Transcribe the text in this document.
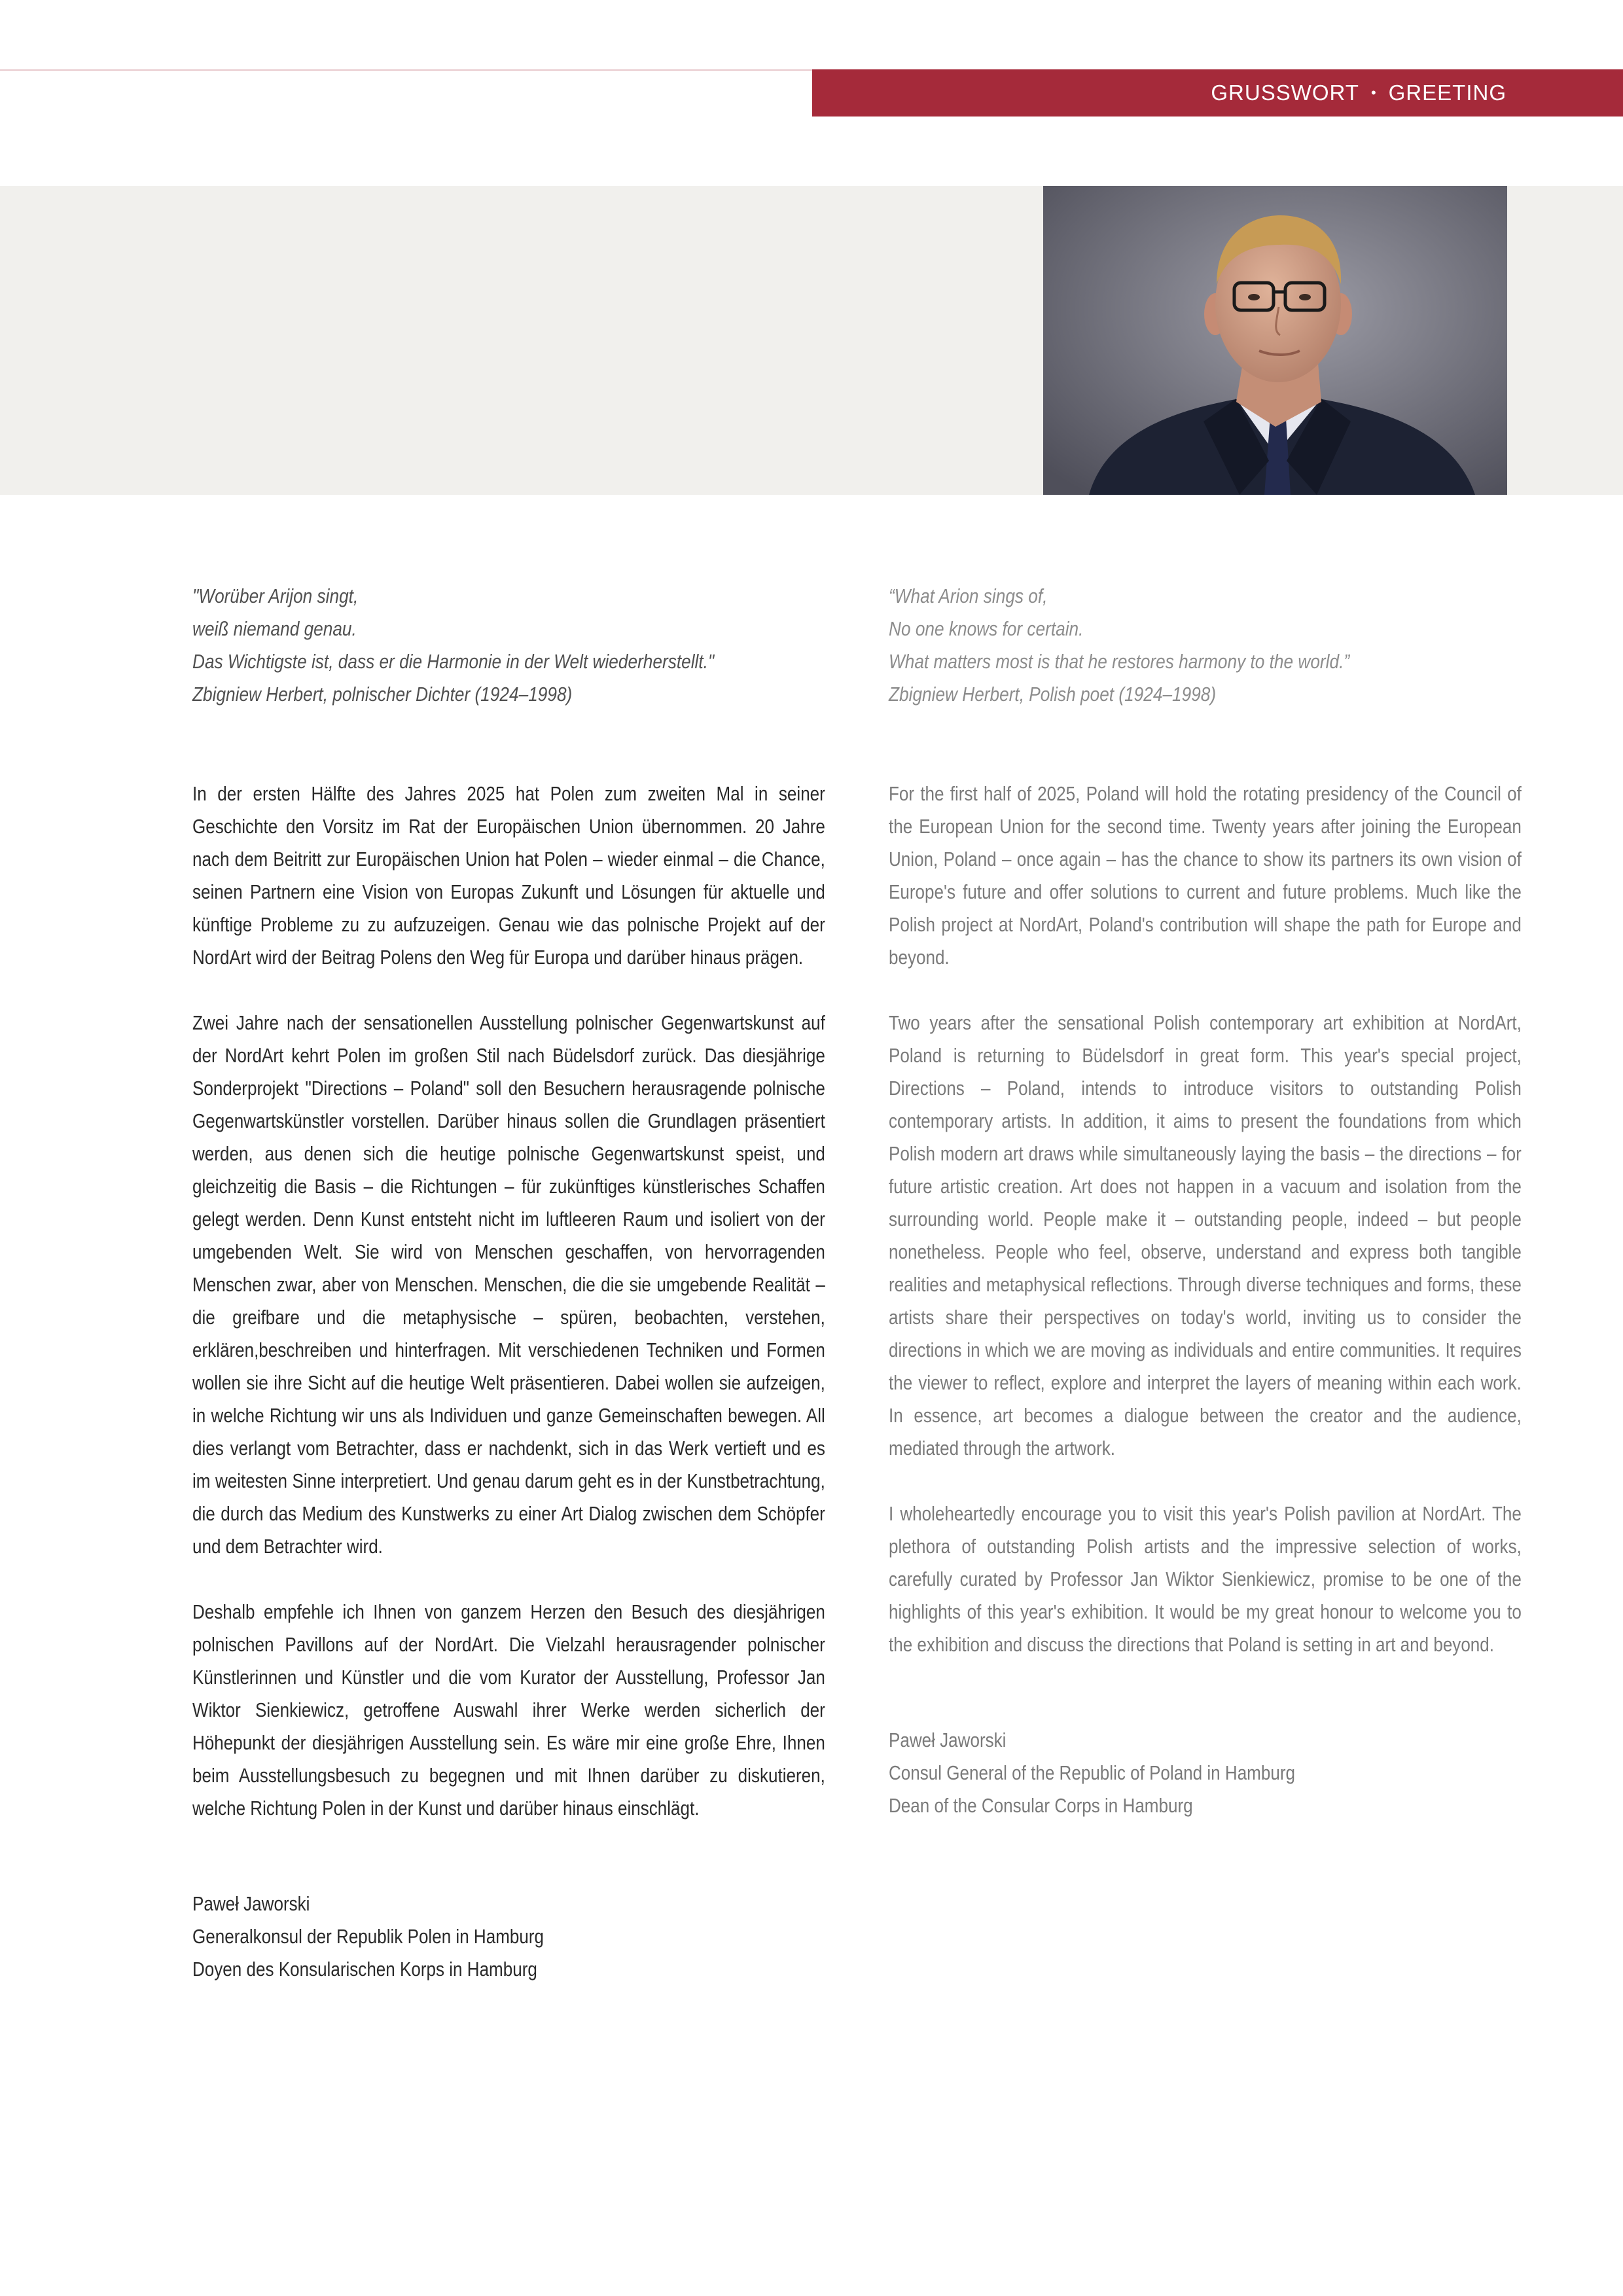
GRUSSWORT • GREETING
"Worüber Arijon singt,
weiß niemand genau.
Das Wichtigste ist, dass er die Harmonie in der Welt wiederherstellt."
Zbigniew Herbert, polnischer Dichter (1924–1998)
“What Arion sings of,
No one knows for certain.
What matters most is that he restores harmony to the world.”
Zbigniew Herbert, Polish poet (1924–1998)

In der ersten Hälfte des Jahres 2025 hat Polen zum zweiten Mal in seiner Geschichte den Vorsitz im Rat der Europäischen Union übernommen. 20 Jahre nach dem Beitritt zur Europäischen Union hat Polen – wieder einmal – die Chance, seinen Partnern eine Vision von Europas Zukunft und Lösungen für aktuelle und künftige Probleme zu zu aufzuzeigen. Genau wie das polnische Projekt auf der NordArt wird der Beitrag Polens den Weg für Europa und darüber hinaus prägen.

Zwei Jahre nach der sensationellen Ausstellung polnischer Gegenwartskunst auf der NordArt kehrt Polen im großen Stil nach Büdelsdorf zurück. Das diesjährige Sonderprojekt "Directions – Poland" soll den Besuchern herausragende polnische Gegenwartskünstler vorstellen. Darüber hinaus sollen die Grundlagen präsentiert werden, aus denen sich die heutige polnische Gegenwartskunst speist, und gleichzeitig die Basis – die Richtungen – für zukünftiges künstlerisches Schaffen gelegt werden. Denn Kunst entsteht nicht im luftleeren Raum und isoliert von der umgebenden Welt. Sie wird von Menschen geschaffen, von hervorragenden Menschen zwar, aber von Menschen. Menschen, die die sie umgebende Realität – die greifbare und die metaphysische – spüren, beobachten, verstehen, erklären,beschreiben und hinterfragen. Mit verschiedenen Techniken und Formen wollen sie ihre Sicht auf die heutige Welt präsentieren. Dabei wollen sie aufzeigen, in welche Richtung wir uns als Individuen und ganze Gemeinschaften bewegen. All dies verlangt vom Betrachter, dass er nachdenkt, sich in das Werk vertieft und es im weitesten Sinne interpretiert. Und genau darum geht es in der Kunstbetrachtung, die durch das Medium des Kunstwerks zu einer Art Dialog zwischen dem Schöpfer und dem Betrachter wird.

Deshalb empfehle ich Ihnen von ganzem Herzen den Besuch des diesjährigen polnischen Pavillons auf der NordArt. Die Vielzahl herausragender polnischer Künstlerinnen und Künstler und die vom Kurator der Ausstellung, Professor Jan Wiktor Sienkiewicz, getroffene Auswahl ihrer Werke werden sicherlich der Höhepunkt der diesjährigen Ausstellung sein. Es wäre mir eine große Ehre, Ihnen beim Ausstellungsbesuch zu begegnen und mit Ihnen darüber zu diskutieren, welche Richtung Polen in der Kunst und darüber hinaus einschlägt.

Paweł Jaworski
Generalkonsul der Republik Polen in Hamburg
Doyen des Konsularischen Korps in Hamburg

For the first half of 2025, Poland will hold the rotating presidency of the Council of the European Union for the second time. Twenty years after joining the European Union, Poland – once again – has the chance to show its partners its own vision of Europe's future and offer solutions to current and future problems. Much like the Polish project at NordArt, Poland's contribution will shape the path for Europe and beyond.

Two years after the sensational Polish contemporary art exhibition at NordArt, Poland is returning to Büdelsdorf in great form. This year's special project, Directions – Poland, intends to introduce visitors to outstanding Polish contemporary artists. In addition, it aims to present the foundations from which Polish modern art draws while simultaneously laying the basis – the directions – for future artistic creation. Art does not happen in a vacuum and isolation from the surrounding world. People make it – outstanding people, indeed – but people nonetheless. People who feel, observe, understand and express both tangible realities and metaphysical reflections. Through diverse techniques and forms, these artists share their perspectives on today's world, inviting us to consider the directions in which we are moving as individuals and entire communities. It requires the viewer to reflect, explore and interpret the layers of meaning within each work. In essence, art becomes a dialogue between the creator and the audience, mediated through the artwork.

I wholeheartedly encourage you to visit this year's Polish pavilion at NordArt. The plethora of outstanding Polish artists and the impressive selection of works, carefully curated by Professor Jan Wiktor Sienkiewicz, promise to be one of the highlights of this year's exhibition. It would be my great honour to welcome you to the exhibition and discuss the directions that Poland is setting in art and beyond.

Paweł Jaworski
Consul General of the Republic of Poland in Hamburg
Dean of the Consular Corps in Hamburg
